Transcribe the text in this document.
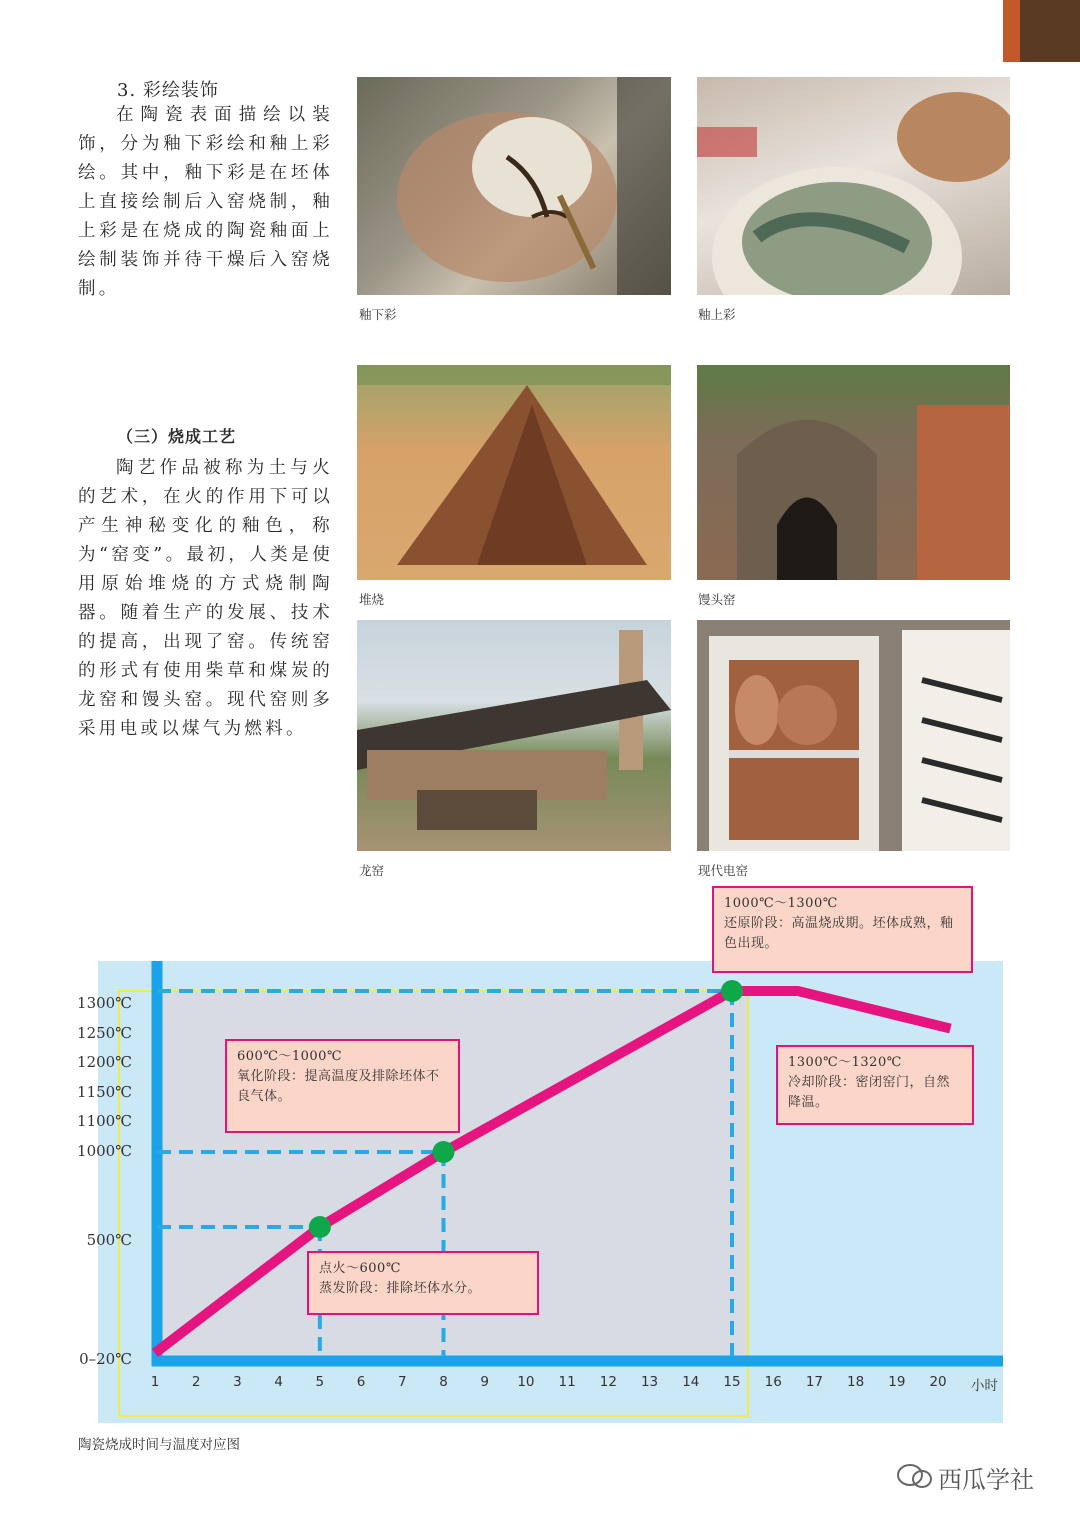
3. 彩绘装饰
在陶瓷表面描绘以装饰，分为釉下彩绘和釉上彩绘。其中，釉下彩是在坯体上直接绘制后入窑烧制，釉上彩是在烧成的陶瓷釉面上绘制装饰并待干燥后入窑烧制。
（三）烧成工艺
陶艺作品被称为土与火的艺术，在火的作用下可以产生神秘变化的釉色，称为“窑变”。最初，人类是使用原始堆烧的方式烧制陶器。随着生产的发展、技术的提高，出现了窑。传统窑的形式有使用柴草和煤炭的龙窑和馒头窑。现代窑则多采用电或以煤气为燃料。
釉下彩	釉上彩
堆烧	馒头窑
龙窑	现代电窑
1300℃
1250℃
1200℃
1150℃
1100℃
1000℃
500℃
0–20℃
1	2	3	4	5	6	7	8	9	10	11	12	13	14	15	16	17	18	19	20	小时
1000℃～1300℃
还原阶段：高温烧成期。坯体成熟，釉色出现。
600℃～1000℃
氧化阶段：提高温度及排除坯体不良气体。
1300℃～1320℃
冷却阶段：密闭窑门，自然降温。
点火～600℃
蒸发阶段：排除坯体水分。
陶瓷烧成时间与温度对应图
西瓜学社
